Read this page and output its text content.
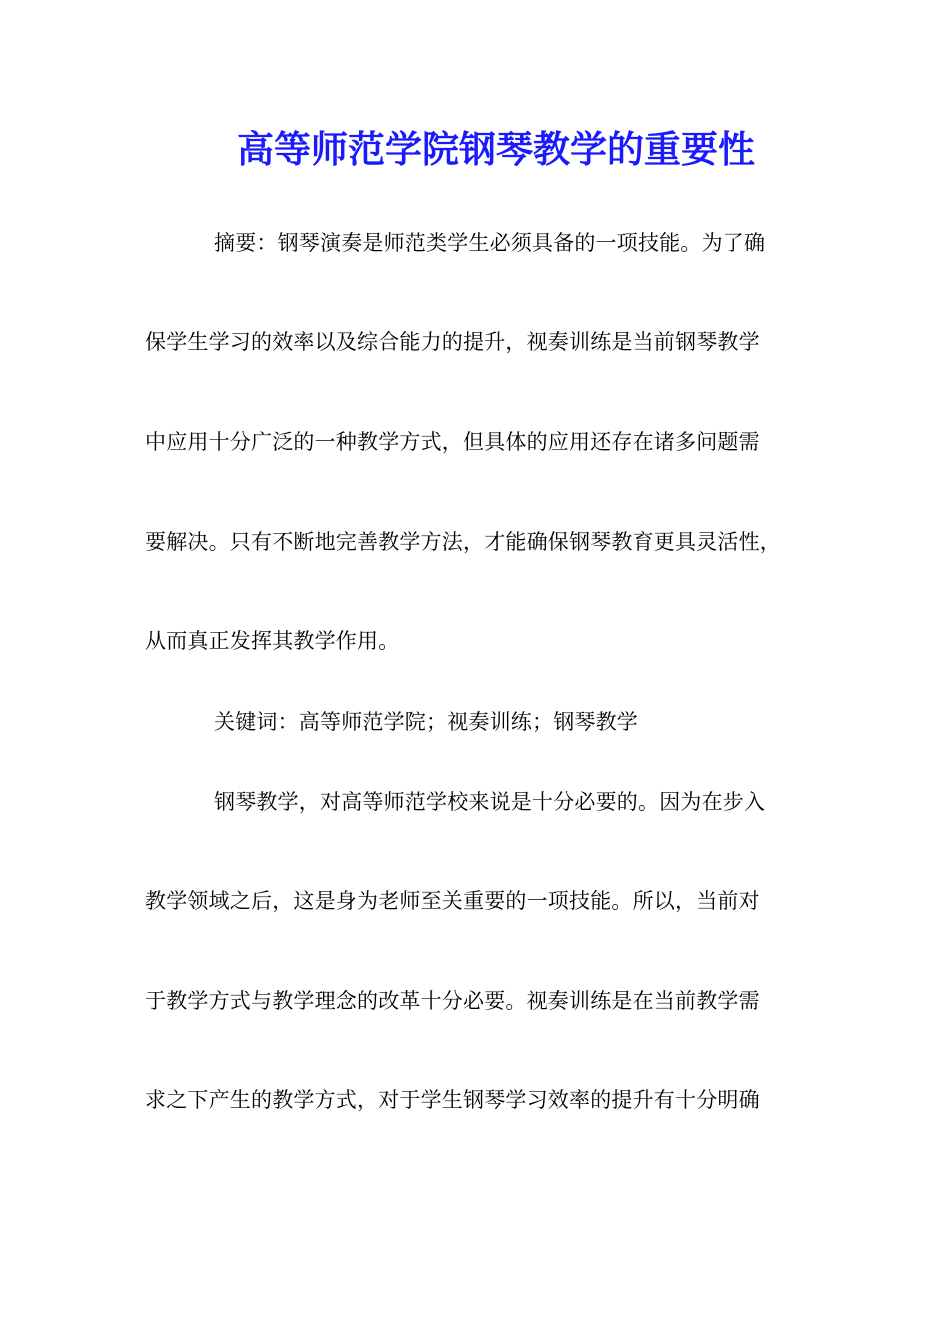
高等师范学院钢琴教学的重要性

摘要：钢琴演奏是师范类学生必须具备的一项技能。为了确

保学生学习的效率以及综合能力的提升，视奏训练是当前钢琴教学

中应用十分广泛的一种教学方式，但具体的应用还存在诸多问题需

要解决。只有不断地完善教学方法，才能确保钢琴教育更具灵活性，

从而真正发挥其教学作用。

关键词：高等师范学院；视奏训练；钢琴教学

钢琴教学，对高等师范学校来说是十分必要的。因为在步入

教学领域之后，这是身为老师至关重要的一项技能。所以，当前对

于教学方式与教学理念的改革十分必要。视奏训练是在当前教学需

求之下产生的教学方式，对于学生钢琴学习效率的提升有十分明确
